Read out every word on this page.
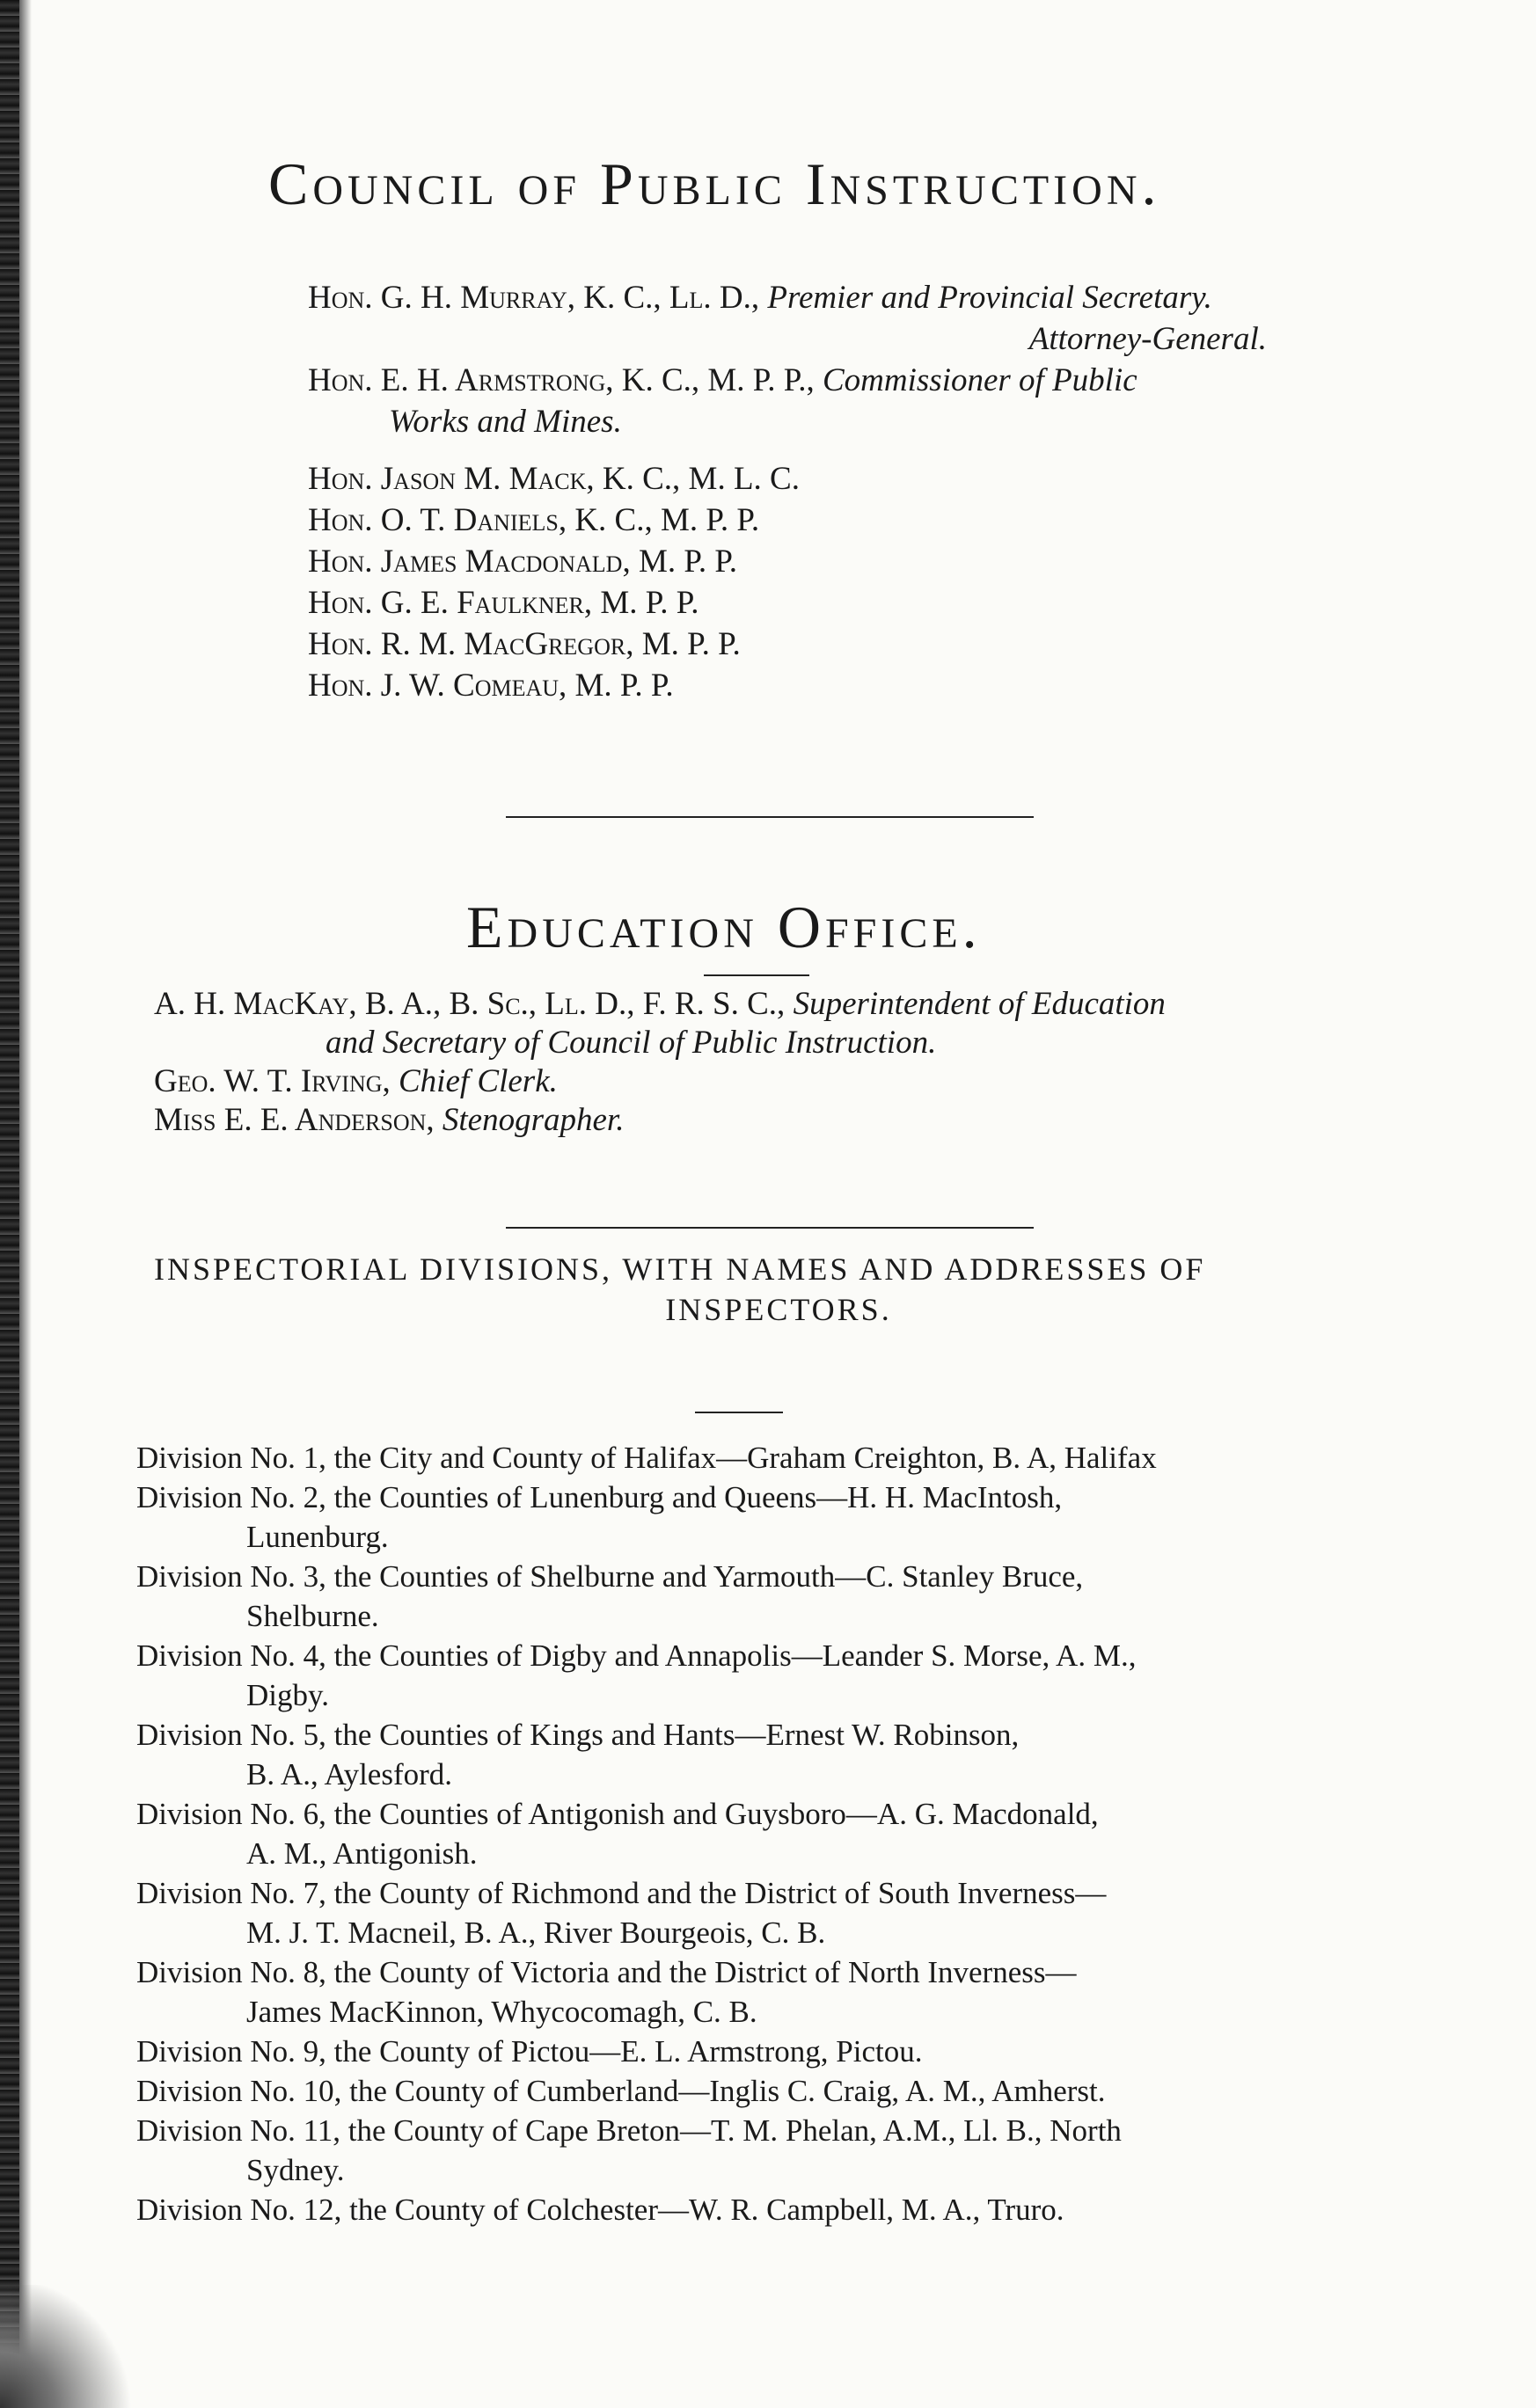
Council of Public Instruction.
Hon. G. H. Murray, K. C., Ll. D., Premier and Provincial Secretary.
Attorney-General.
Hon. E. H. Armstrong, K. C., M. P. P., Commissioner of Public
Works and Mines.
Hon. Jason M. Mack, K. C., M. L. C.
Hon. O. T. Daniels, K. C., M. P. P.
Hon. James Macdonald, M. P. P.
Hon. G. E. Faulkner, M. P. P.
Hon. R. M. MacGregor, M. P. P.
Hon. J. W. Comeau, M. P. P.
Education Office.
A. H. MacKay, B. A., B. Sc., Ll. D., F. R. S. C., Superintendent of Education
and Secretary of Council of Public Instruction.
Geo. W. T. Irving, Chief Clerk.
Miss E. E. Anderson, Stenographer.
INSPECTORIAL DIVISIONS, WITH NAMES AND ADDRESSES OF
INSPECTORS.
Division No. 1, the City and County of Halifax—Graham Creighton, B. A, Halifax
Division No. 2, the Counties of Lunenburg and Queens—H. H. MacIntosh,
Lunenburg.
Division No. 3, the Counties of Shelburne and Yarmouth—C. Stanley Bruce,
Shelburne.
Division No. 4, the Counties of Digby and Annapolis—Leander S. Morse, A. M.,
Digby.
Division No. 5, the Counties of Kings and Hants—Ernest W. Robinson,
B. A., Aylesford.
Division No. 6, the Counties of Antigonish and Guysboro—A. G. Macdonald,
A. M., Antigonish.
Division No. 7, the County of Richmond and the District of South Inverness—
M. J. T. Macneil, B. A., River Bourgeois, C. B.
Division No. 8, the County of Victoria and the District of North Inverness—
James MacKinnon, Whycocomagh, C. B.
Division No. 9, the County of Pictou—E. L. Armstrong, Pictou.
Division No. 10, the County of Cumberland—Inglis C. Craig, A. M., Amherst.
Division No. 11, the County of Cape Breton—T. M. Phelan, A.M., Ll. B., North
Sydney.
Division No. 12, the County of Colchester—W. R. Campbell, M. A., Truro.
